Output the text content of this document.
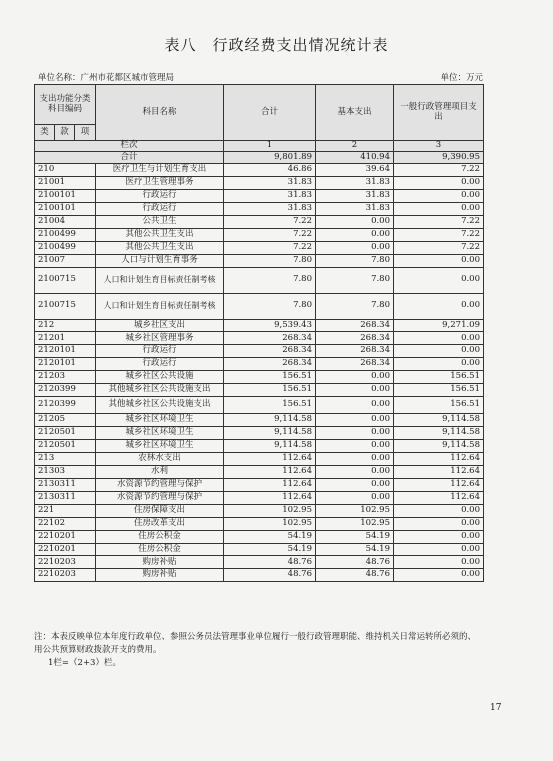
表八　行政经费支出情况统计表
单位名称：广州市花都区城市管理局	单位：万元
支出功能分类科目编码			科目名称	合计	基本支出	一般行政管理项目支出
类	款	项				
栏次				1	2	3
合计				9,801.89	410.94	9,390.95
210			医疗卫生与计划生育支出	46.86	39.64	7.22
21001			医疗卫生管理事务	31.83	31.83	0.00
2100101			行政运行	31.83	31.83	0.00
2100101			行政运行	31.83	31.83	0.00
21004			公共卫生	7.22	0.00	7.22
2100499			其他公共卫生支出	7.22	0.00	7.22
2100499			其他公共卫生支出	7.22	0.00	7.22
21007			人口与计划生育事务	7.80	7.80	0.00
2100715			人口和计划生育目标责任制考核	7.80	7.80	0.00
2100715			人口和计划生育目标责任制考核	7.80	7.80	0.00
212			城乡社区支出	9,539.43	268.34	9,271.09
21201			城乡社区管理事务	268.34	268.34	0.00
2120101			行政运行	268.34	268.34	0.00
2120101			行政运行	268.34	268.34	0.00
21203			城乡社区公共设施	156.51	0.00	156.51
2120399			其他城乡社区公共设施支出	156.51	0.00	156.51
2120399			其他城乡社区公共设施支出	156.51	0.00	156.51
21205			城乡社区环境卫生	9,114.58	0.00	9,114.58
2120501			城乡社区环境卫生	9,114.58	0.00	9,114.58
2120501			城乡社区环境卫生	9,114.58	0.00	9,114.58
213			农林水支出	112.64	0.00	112.64
21303			水利	112.64	0.00	112.64
2130311			水资源节约管理与保护	112.64	0.00	112.64
2130311			水资源节约管理与保护	112.64	0.00	112.64
221			住房保障支出	102.95	102.95	0.00
22102			住房改革支出	102.95	102.95	0.00
2210201			住房公积金	54.19	54.19	0.00
2210201			住房公积金	54.19	54.19	0.00
2210203			购房补贴	48.76	48.76	0.00
2210203			购房补贴	48.76	48.76	0.00
注：本表反映单位本年度行政单位、参照公务员法管理事业单位履行一般行政管理职能、维持机关日常运转所必须的、用公共预算财政拨款开支的费用。
1栏=（2+3）栏。
17
